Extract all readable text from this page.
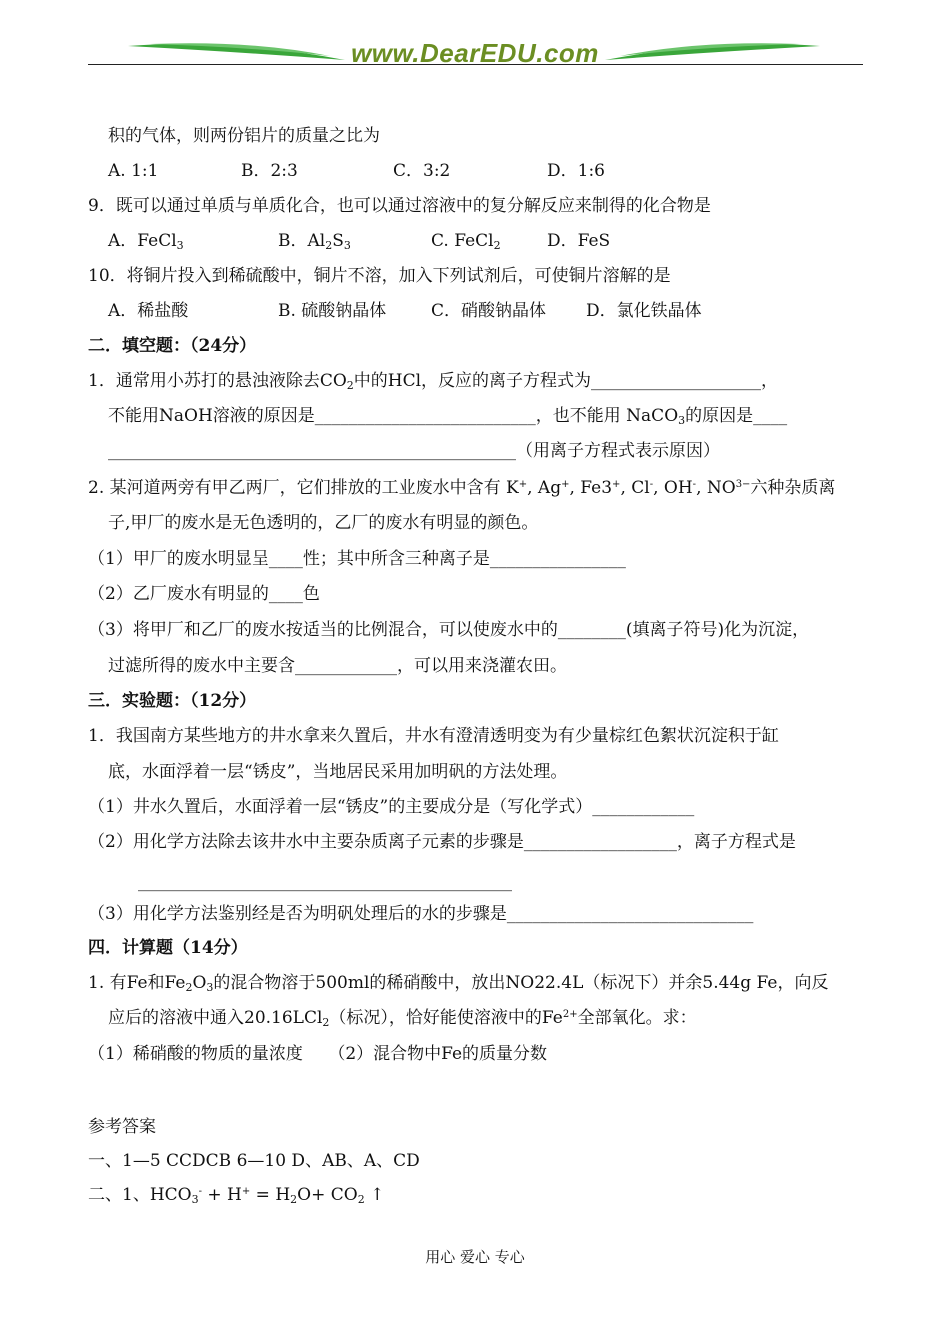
www.DearEDU.com
积的气体，则两份铝片的质量之比为
A. 1:1	B．2:3	C．3:2	D．1:6
9．既可以通过单质与单质化合，也可以通过溶液中的复分解反应来制得的化合物是
A．FeCl$_3$	B．$Al_2S_3$	C. FeCl$_2$	D．FeS
10．将铜片投入到稀硫酸中，铜片不溶，加入下列试剂后，可使铜片溶解的是
A．稀盐酸	B. 硫酸钠晶体	C．硝酸钠晶体 D．氯化铁晶体
二．填空题：（24分）
1．通常用小苏打的悬浊液除去$CO_2$中的HCl，反应的离子方程式为____________________，
不能用NaOH溶液的原因是__________________________，也不能用 NaCO$_3$的原因是____
________________________________________________（用离子方程式表示原因）
2. 某河道两旁有甲乙两厂，它们排放的工业废水中含有 K+, Ag+, Fe3+, Cl-, OH-, $NO^{3-}$六种杂质离
子,甲厂的废水是无色透明的，乙厂的废水有明显的颜色。
（1）甲厂的废水明显呈____性；其中所含三种离子是________________
（2）乙厂废水有明显的____色
（3）将甲厂和乙厂的废水按适当的比例混合，可以使废水中的________(填离子符号)化为沉淀，
过滤所得的废水中主要含____________，可以用来浇灌农田。
三．实验题：（12分）
1．我国南方某些地方的井水拿来久置后，井水有澄清透明变为有少量棕红色絮状沉淀积于缸
底，水面浮着一层“锈皮”，当地居民采用加明矾的方法处理。
（1）井水久置后，水面浮着一层“锈皮”的主要成分是（写化学式）____________
（2）用化学方法除去该井水中主要杂质离子元素的步骤是__________________，离子方程式是
____________________________________________
（3）用化学方法鉴别经是否为明矾处理后的水的步骤是_____________________________
四．计算题（14分）
1. 有Fe和$Fe_2O_3$的混合物溶于500ml的稀硝酸中，放出NO22.4L（标况下）并余5.44g Fe，向反
应后的溶液中通入20.16LCl$_2$（标况），恰好能使溶液中的$Fe^{2+}$全部氧化。求：
（1）稀硝酸的物质的量浓度　　（2）混合物中Fe的质量分数
参考答案
一、1—5 CCDCB 6—10 D、AB、A、CD
二、1、$HCO_3^- + H^+ = H_2O+ CO_2$ ↑
用心 爱心 专心
